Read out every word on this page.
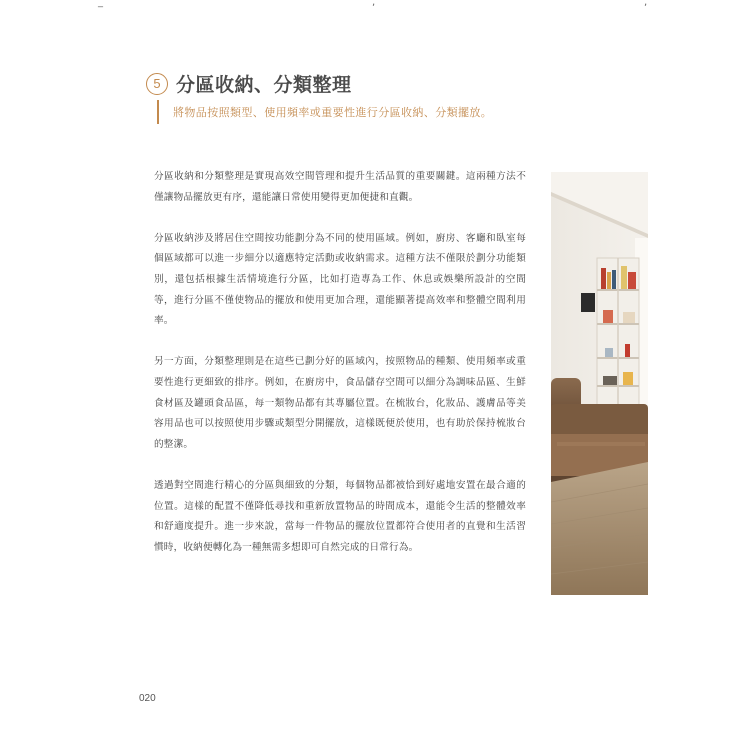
_	,	,
5 分區收納、分類整理
將物品按照類型、使用頻率或重要性進行分區收納、分類擺放。

分區收納和分類整理是實現高效空間管理和提升生活品質的重要關鍵。這兩種方法不僅讓物品擺放更有序，還能讓日常使用變得更加便捷和直觀。

分區收納涉及將居住空間按功能劃分為不同的使用區域。例如，廚房、客廳和臥室每個區域都可以進一步細分以適應特定活動或收納需求。這種方法不僅限於劃分功能類別，還包括根據生活情境進行分區，比如打造專為工作、休息或娛樂所設計的空間等，進行分區不僅使物品的擺放和使用更加合理，還能顯著提高效率和整體空間利用率。

另一方面，分類整理則是在這些已劃分好的區域內，按照物品的種類、使用頻率或重要性進行更細致的排序。例如，在廚房中，食品儲存空間可以細分為調味品區、生鮮食材區及罐頭食品區，每一類物品都有其專屬位置。在梳妝台，化妝品、護膚品等美容用品也可以按照使用步驟或類型分開擺放，這樣既便於使用，也有助於保持梳妝台的整潔。

透過對空間進行精心的分區與細致的分類，每個物品都被恰到好處地安置在最合適的位置。這樣的配置不僅降低尋找和重新放置物品的時間成本，還能令生活的整體效率和舒適度提升。進一步來說，當每一件物品的擺放位置都符合使用者的直覺和生活習慣時，收納便轉化為一種無需多想即可自然完成的日常行為。

020
